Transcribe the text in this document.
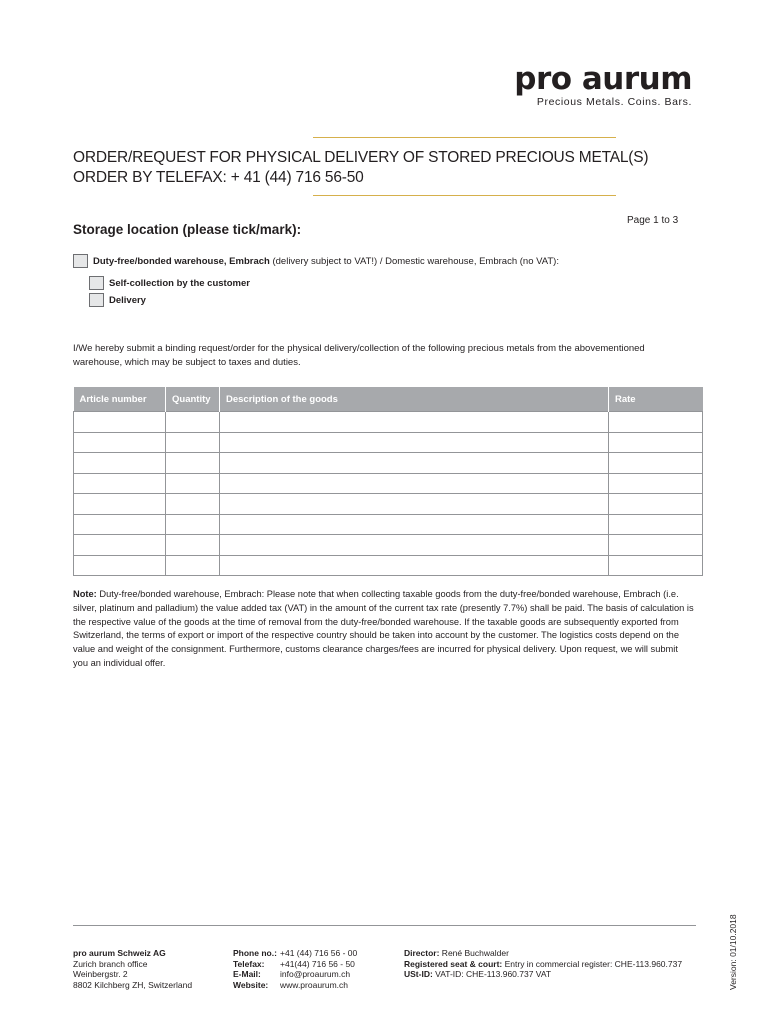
pro aurum
Precious Metals. Coins. Bars.
ORDER/REQUEST FOR PHYSICAL DELIVERY OF STORED PRECIOUS METAL(S)
ORDER BY TELEFAX: + 41 (44) 716 56-50
Storage location (please tick/mark):
Page 1 to 3
Duty-free/bonded warehouse, Embrach (delivery subject to VAT!) / Domestic warehouse, Embrach (no VAT):
Self-collection by the customer
Delivery
I/We hereby submit a binding request/order for the physical delivery/collection of the following precious metals from the abovementioned warehouse, which may be subject to taxes and duties.
Article number	Quantity	Description of the goods	Rate

Note: Duty-free/bonded warehouse, Embrach: Please note that when collecting taxable goods from the duty-free/bonded warehouse, Embrach (i.e. silver, platinum and palladium) the value added tax (VAT) in the amount of the current tax rate (presently 7.7%) shall be paid. The basis of calculation is the respective value of the goods at the time of removal from the duty-free/bonded warehouse. If the taxable goods are subsequently exported from Switzerland, the terms of export or import of the respective country should be taken into account by the customer. The logistics costs depend on the value and weight of the consignment. Furthermore, customs clearance charges/fees are incurred for physical delivery. Upon request, we will submit you an individual offer.
pro aurum Schweiz AG
Zurich branch office
Weinbergstr. 2
8802 Kilchberg ZH, Switzerland
Phone no.: +41 (44) 716 56 - 00
Telefax:	+41(44) 716 56 - 50
E-Mail:	info@proaurum.ch
Website:	www.proaurum.ch
Director: René Buchwalder
Registered seat & court: Entry in commercial register: CHE-113.960.737
USt-ID: VAT-ID: CHE-113.960.737 VAT	Version: 01/10.2018
